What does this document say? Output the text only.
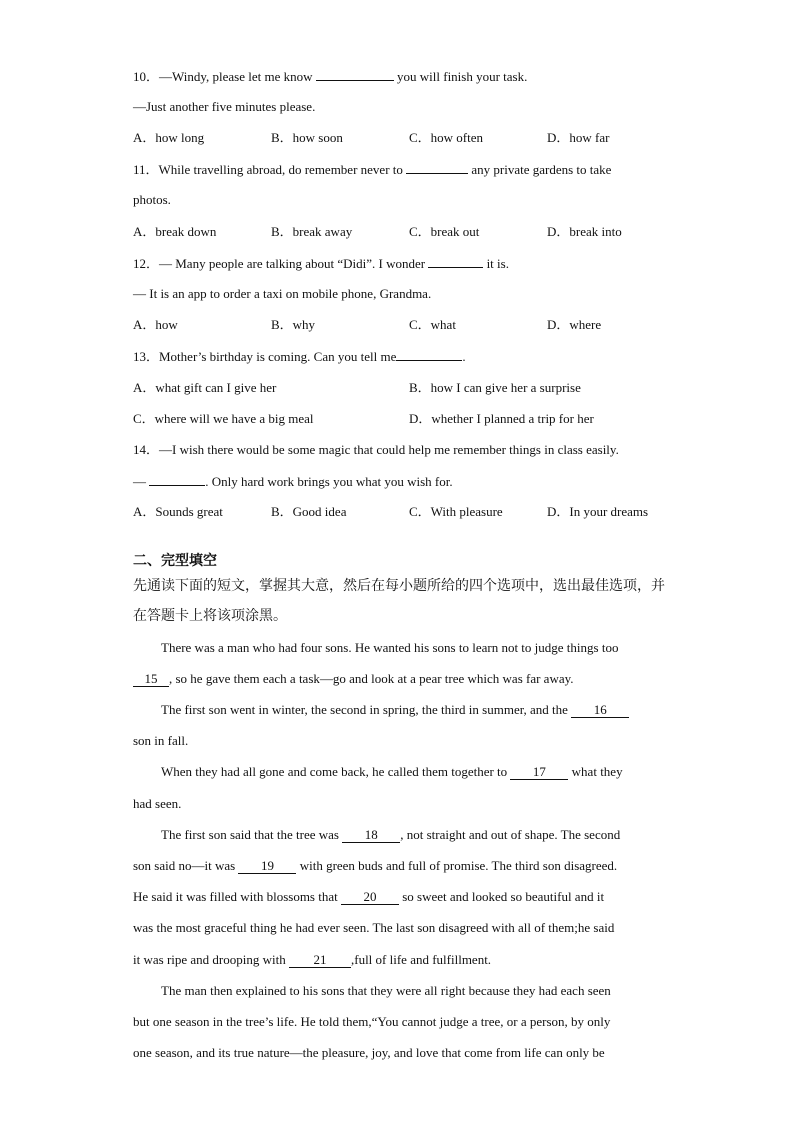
10．—Windy, please let me know	you will finish your task.
—Just another five minutes please.
A．how long	B．how soon	C．how often	D．how far
11．While travelling abroad, do remember never to	any private gardens to take
photos.
A．break down	B．break away	C．break out	D．break into
12．— Many people are talking about “Didi”. I wonder	it is.
— It is an app to order a taxi on mobile phone, Grandma.
A．how	B．why	C．what	D．where
13．Mother’s birthday is coming. Can you tell me	.
A．what gift can I give her	B．how I can give her a surprise
C．where will we have a big meal	D．whether I planned a trip for her
14．—I wish there would be some magic that could help me remember things in class easily.
—	. Only hard work brings you what you wish for.
A．Sounds great	B．Good idea	C．With pleasure	D．In your dreams
二、完型填空
先通读下面的短文，掌握其大意，然后在每小题所给的四个选项中，选出最佳选项，并
在答题卡上将该项涂黑。
There was a man who had four sons. He wanted his sons to learn not to judge things too
15 , so he gave them each a task—go and look at a pear tree which was far away.
The first son went in winter, the second in spring, the third in summer, and the 16
son in fall.
When they had all gone and come back, he called them together to 17 what they
had seen.
The first son said that the tree was 18 , not straight and out of shape. The second
son said no—it was 19 with green buds and full of promise. The third son disagreed.
He said it was filled with blossoms that 20 so sweet and looked so beautiful and it
was the most graceful thing he had ever seen. The last son disagreed with all of them;he said
it was ripe and drooping with 21 ,full of life and fulfillment.
The man then explained to his sons that they were all right because they had each seen
but one season in the tree’s life. He told them,“You cannot judge a tree, or a person, by only
one season, and its true nature—the pleasure, joy, and love that come from life can only be
